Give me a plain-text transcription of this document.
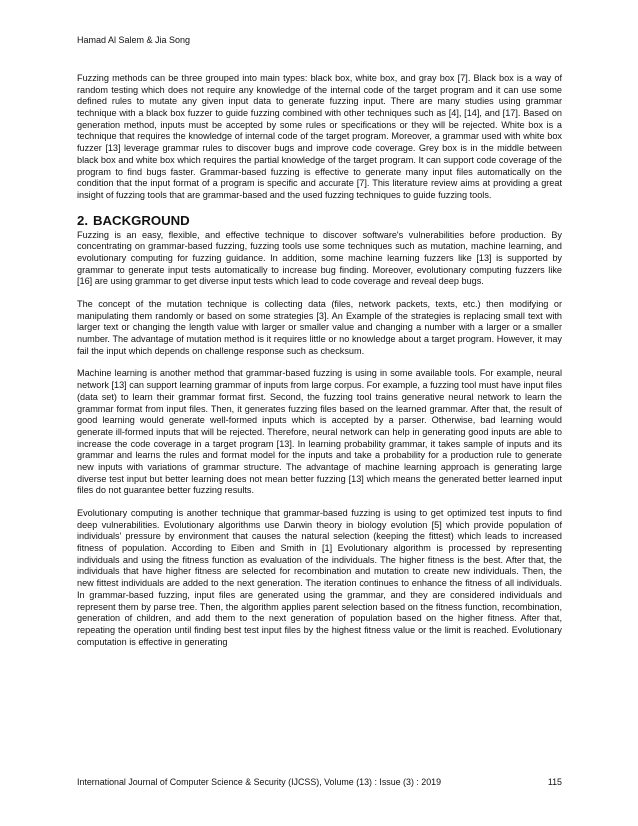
Hamad Al Salem & Jia Song

Fuzzing methods can be three grouped into main types: black box, white box, and gray box [7]. Black box is a way of random testing which does not require any knowledge of the internal code of the target program and it can use some defined rules to mutate any given input data to generate fuzzing input. There are many studies using grammar technique with a black box fuzzer to guide fuzzing combined with other techniques such as [4], [14], and [17]. Based on generation method, inputs must be accepted by some rules or specifications or they will be rejected. White box is a technique that requires the knowledge of internal code of the target program. Moreover, a grammar used with white box fuzzer [13] leverage grammar rules to discover bugs and improve code coverage. Grey box is in the middle between black box and white box which requires the partial knowledge of the target program. It can support code coverage of the program to find bugs faster. Grammar-based fuzzing is effective to generate many input files automatically on the condition that the input format of a program is specific and accurate [7]. This literature review aims at providing a great insight of fuzzing tools that are grammar-based and the used fuzzing techniques to guide fuzzing tools.

2. BACKGROUND

Fuzzing is an easy, flexible, and effective technique to discover software's vulnerabilities before production. By concentrating on grammar-based fuzzing, fuzzing tools use some techniques such as mutation, machine learning, and evolutionary computing for fuzzing guidance. In addition, some machine learning fuzzers like [13] is supported by grammar to generate input tests automatically to increase bug finding. Moreover, evolutionary computing fuzzers like [16] are using grammar to get diverse input tests which lead to code coverage and reveal deep bugs.

The concept of the mutation technique is collecting data (files, network packets, texts, etc.) then modifying or manipulating them randomly or based on some strategies [3]. An Example of the strategies is replacing small text with larger text or changing the length value with larger or smaller value and changing a number with a larger or a smaller number. The advantage of mutation method is it requires little or no knowledge about a target program. However, it may fail the input which depends on challenge response such as checksum.

Machine learning is another method that grammar-based fuzzing is using in some available tools. For example, neural network [13] can support learning grammar of inputs from large corpus. For example, a fuzzing tool must have input files (data set) to learn their grammar format first. Second, the fuzzing tool trains generative neural network to learn the grammar format from input files. Then, it generates fuzzing files based on the learned grammar. After that, the result of good learning would generate well-formed inputs which is accepted by a parser. Otherwise, bad learning would generate ill-formed inputs that will be rejected. Therefore, neural network can help in generating good inputs are able to increase the code coverage in a target program [13]. In learning probability grammar, it takes sample of inputs and its grammar and learns the rules and format model for the inputs and take a probability for a production rule to generate new inputs with variations of grammar structure. The advantage of machine learning approach is generating large diverse test input but better learning does not mean better fuzzing [13] which means the generated better learned input files do not guarantee better fuzzing results.

Evolutionary computing is another technique that grammar-based fuzzing is using to get optimized test inputs to find deep vulnerabilities. Evolutionary algorithms use Darwin theory in biology evolution [5] which provide population of individuals' pressure by environment that causes the natural selection (keeping the fittest) which leads to increased fitness of population. According to Eiben and Smith in [1] Evolutionary algorithm is processed by representing individuals and using the fitness function as evaluation of the individuals. The higher fitness is the best. After that, the individuals that have higher fitness are selected for recombination and mutation to create new individuals. Then, the new fittest individuals are added to the next generation. The iteration continues to enhance the fitness of all individuals. In grammar-based fuzzing, input files are generated using the grammar, and they are considered individuals and represent them by parse tree. Then, the algorithm applies parent selection based on the fitness function, recombination, generation of children, and add them to the next generation of population based on the higher fitness. After that, repeating the operation until finding best test input files by the highest fitness value or the limit is reached. Evolutionary computation is effective in generating

International Journal of Computer Science & Security (IJCSS), Volume (13) : Issue (3) : 2019	115
